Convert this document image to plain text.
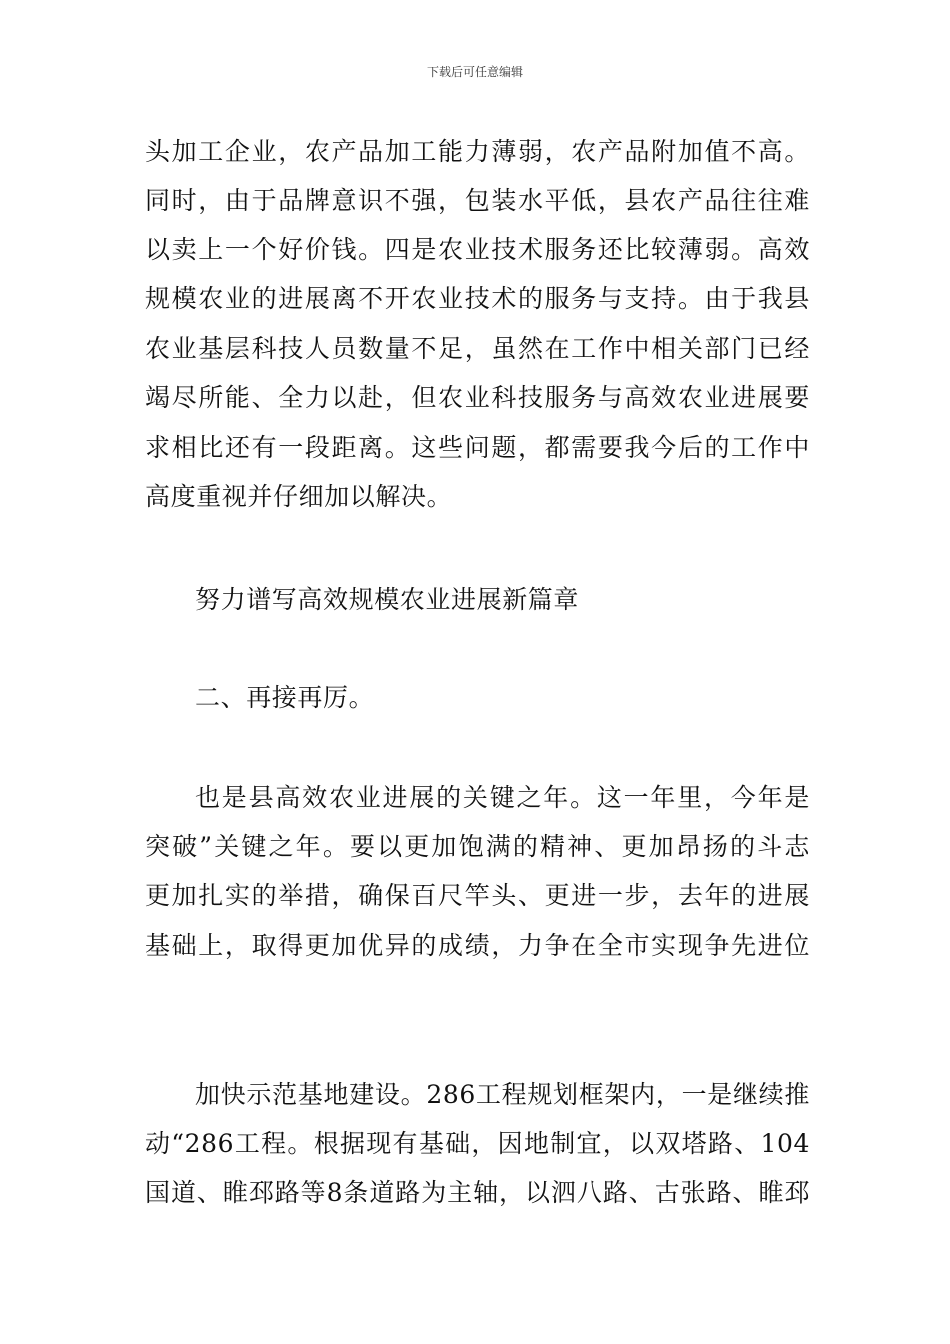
下载后可任意编辑
头加工企业，农产品加工能力薄弱，农产品附加值不高。
同时，由于品牌意识不强，包装水平低，县农产品往往难
以卖上一个好价钱。四是农业技术服务还比较薄弱。高效
规模农业的进展离不开农业技术的服务与支持。由于我县
农业基层科技人员数量不足，虽然在工作中相关部门已经
竭尽所能、全力以赴，但农业科技服务与高效农业进展要
求相比还有一段距离。这些问题，都需要我今后的工作中
高度重视并仔细加以解决。
努力谱写高效规模农业进展新篇章
二、再接再厉。
也是县高效农业进展的关键之年。这一年里，今年是
突破”关键之年。要以更加饱满的精神、更加昂扬的斗志
更加扎实的举措，确保百尺竿头、更进一步，去年的进展
基础上，取得更加优异的成绩，力争在全市实现争先进位
加快示范基地建设。286工程规划框架内，一是继续推
动“286工程。根据现有基础，因地制宜，以双塔路、104
国道、睢邳路等8条道路为主轴，以泗八路、古张路、睢邳
